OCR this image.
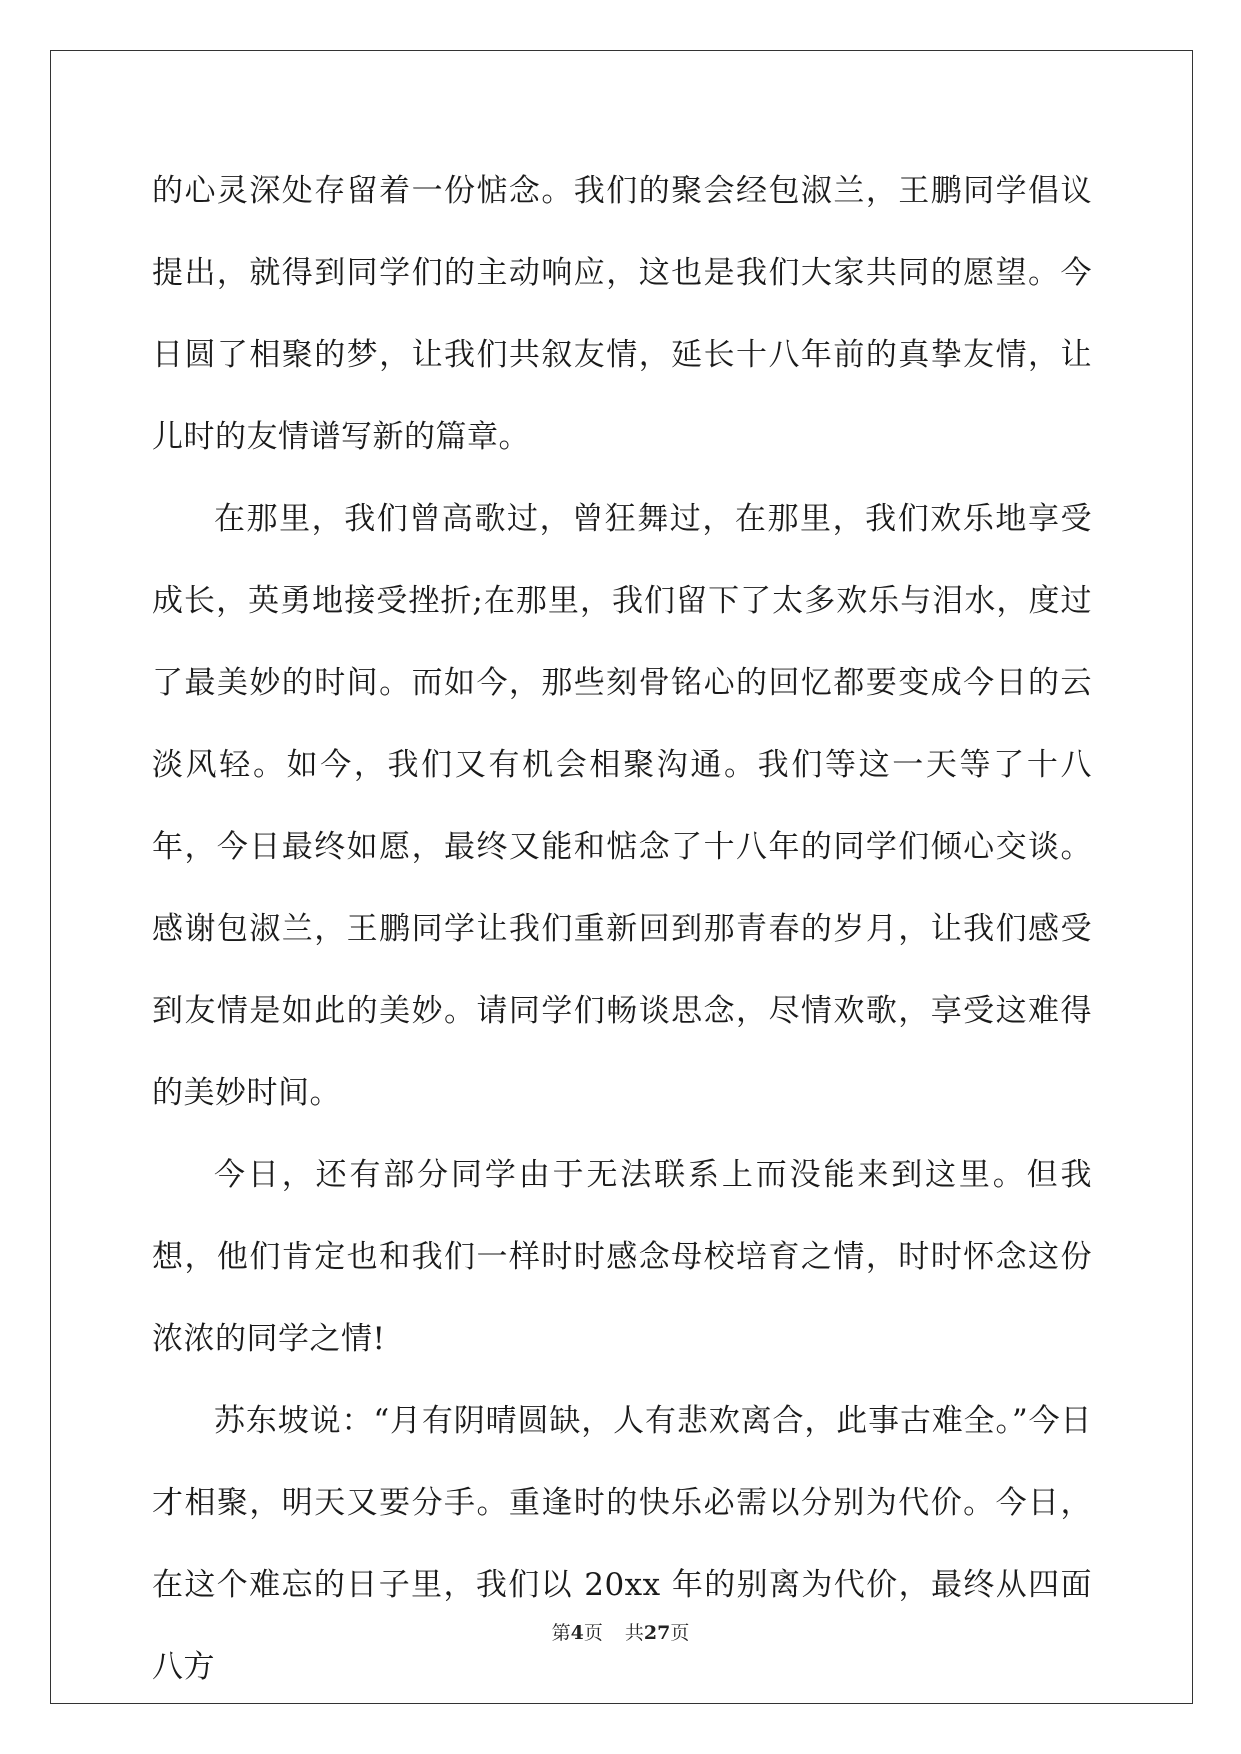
的心灵深处存留着一份惦念。我们的聚会经包淑兰，王鹏同学倡议提出，就得到同学们的主动响应，这也是我们大家共同的愿望。今日圆了相聚的梦，让我们共叙友情，延长十八年前的真挚友情，让儿时的友情谱写新的篇章。

在那里，我们曾高歌过，曾狂舞过，在那里，我们欢乐地享受成长，英勇地接受挫折;在那里，我们留下了太多欢乐与泪水，度过了最美妙的时间。而如今，那些刻骨铭心的回忆都要变成今日的云淡风轻。如今，我们又有机会相聚沟通。我们等这一天等了十八年，今日最终如愿，最终又能和惦念了十八年的同学们倾心交谈。感谢包淑兰，王鹏同学让我们重新回到那青春的岁月，让我们感受到友情是如此的美妙。请同学们畅谈思念，尽情欢歌，享受这难得的美妙时间。

今日，还有部分同学由于无法联系上而没能来到这里。但我想，他们肯定也和我们一样时时感念母校培育之情，时时怀念这份浓浓的同学之情!

苏东坡说：“月有阴晴圆缺，人有悲欢离合，此事古难全。”今日才相聚，明天又要分手。重逢时的快乐必需以分别为代价。今日，在这个难忘的日子里，我们以 20xx 年的别离为代价，最终从四面八方

第4页 共27页
